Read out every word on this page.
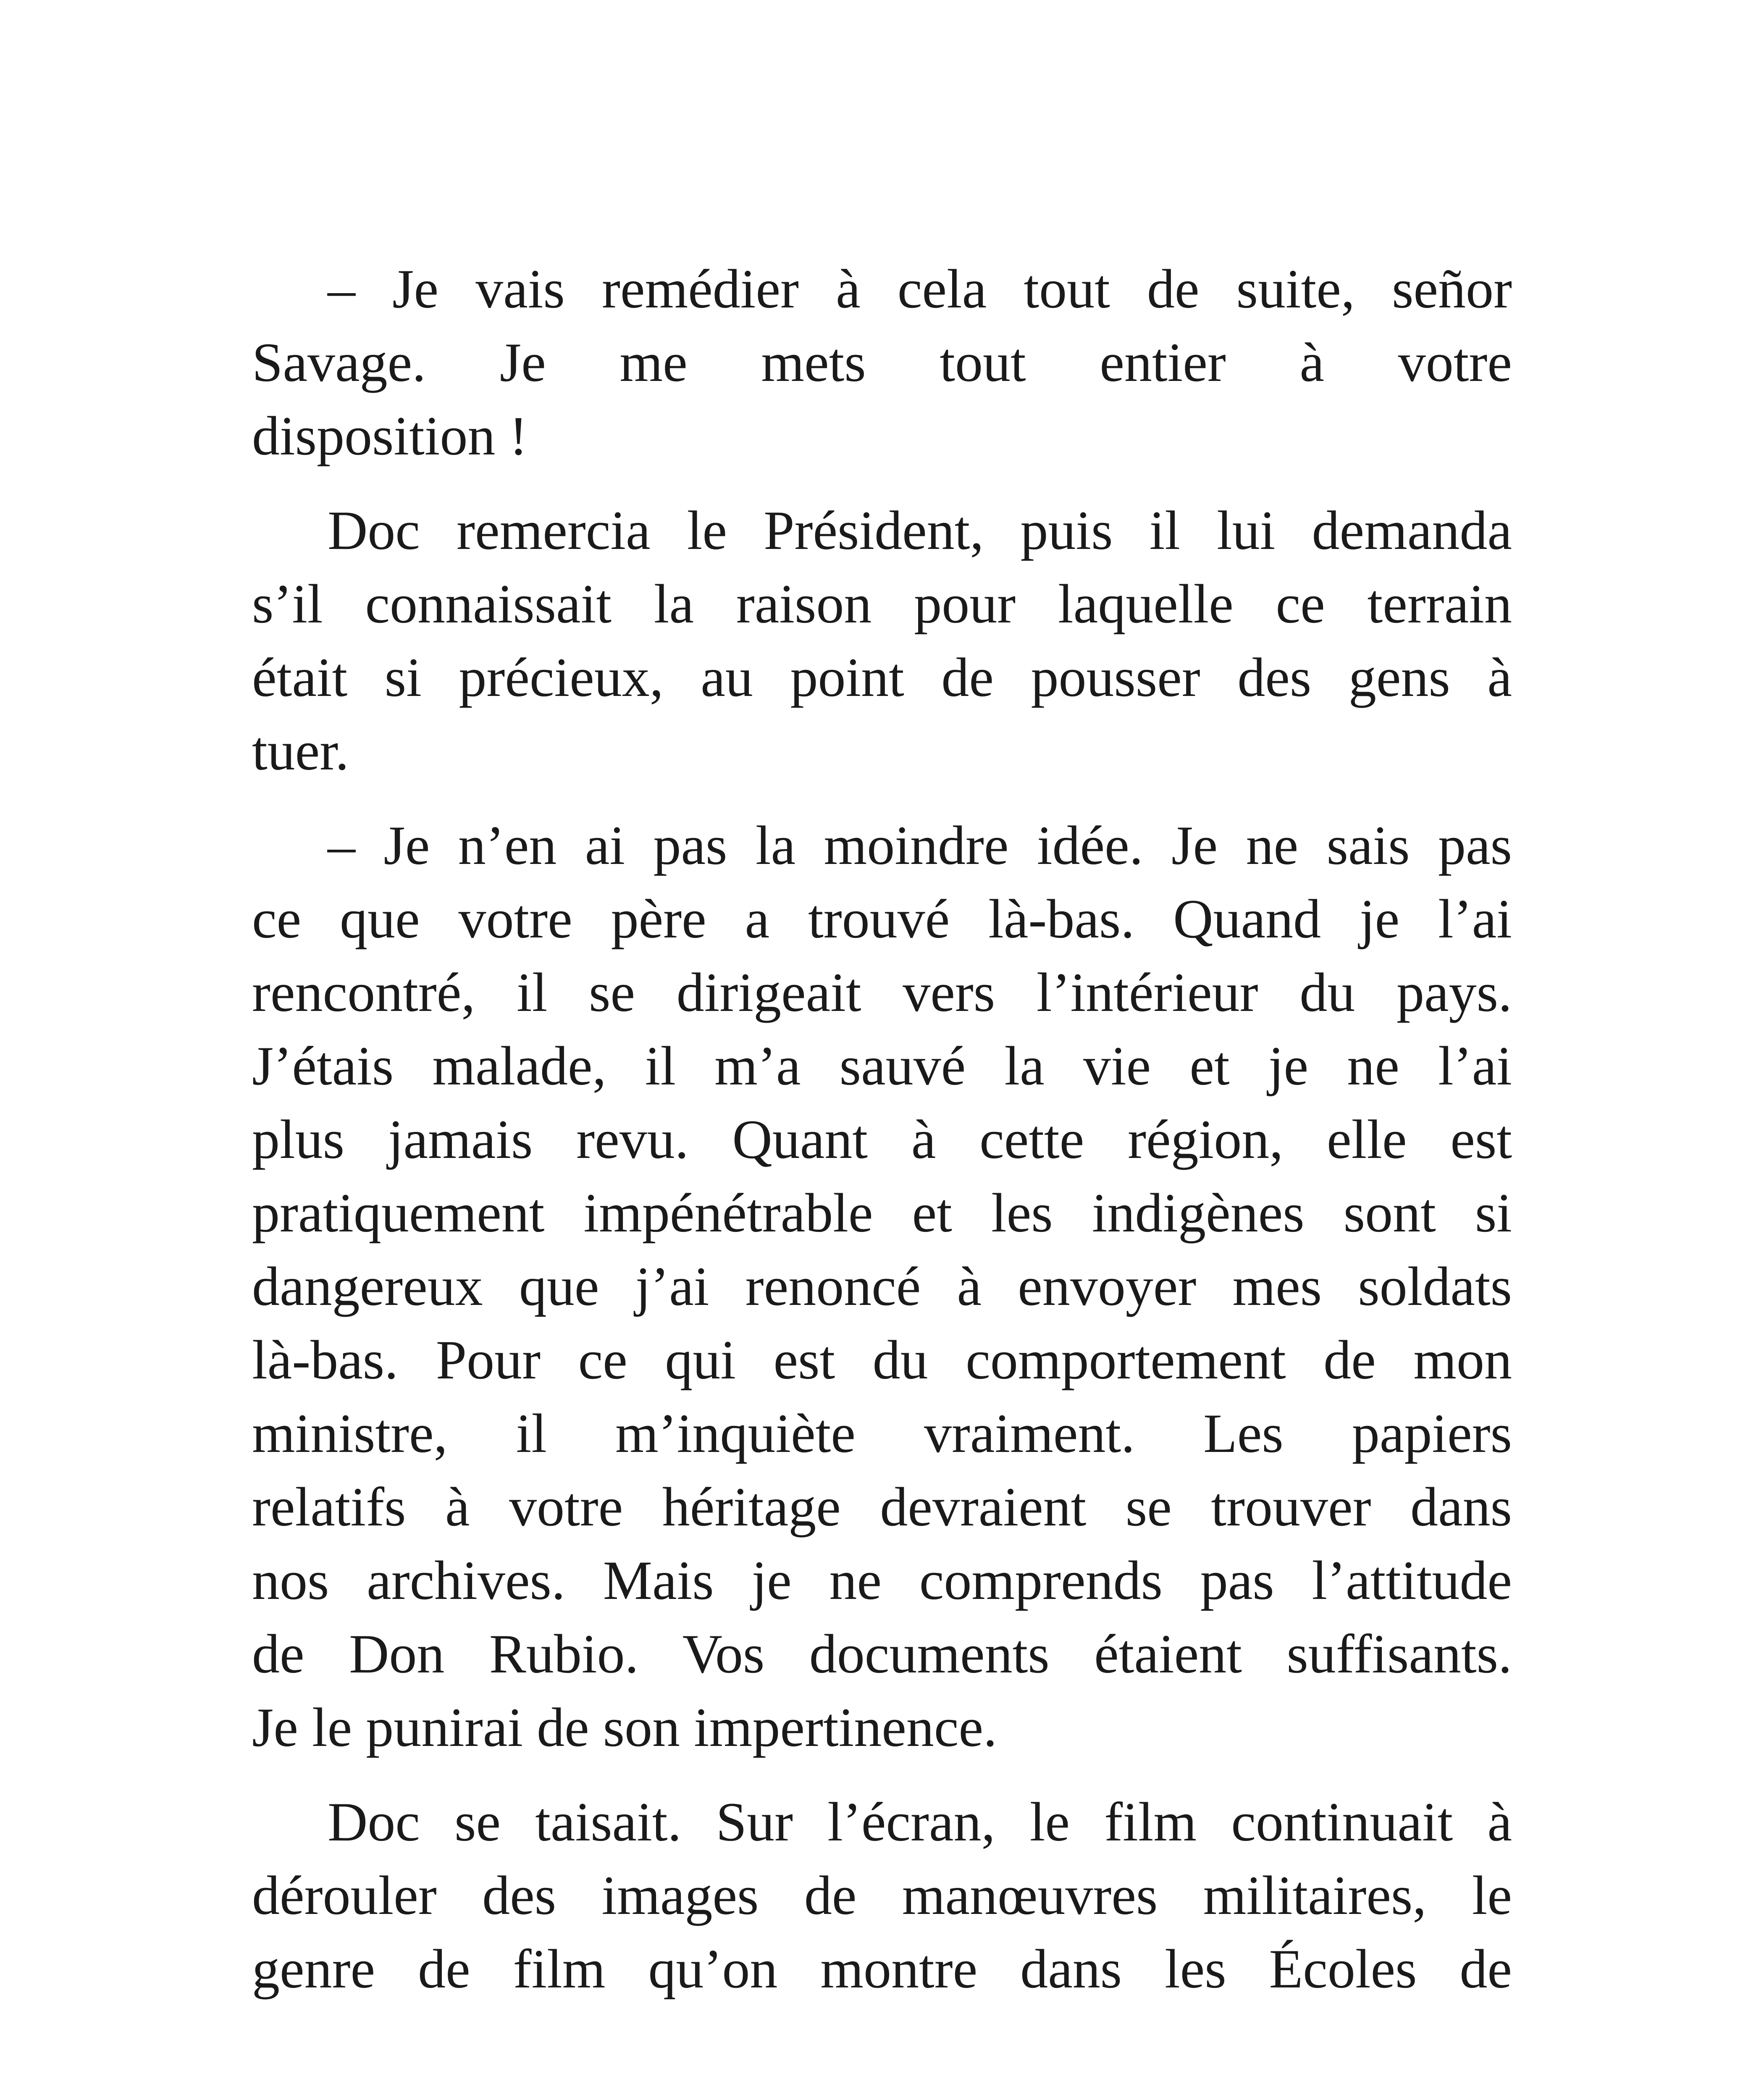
– Je vais remédier à cela tout de suite, señor
Savage. Je me mets tout entier à votre
disposition !
Doc remercia le Président, puis il lui demanda
s’il connaissait la raison pour laquelle ce terrain
était si précieux, au point de pousser des gens à
tuer.
– Je n’en ai pas la moindre idée. Je ne sais pas
ce que votre père a trouvé là-bas. Quand je l’ai
rencontré, il se dirigeait vers l’intérieur du pays.
J’étais malade, il m’a sauvé la vie et je ne l’ai
plus jamais revu. Quant à cette région, elle est
pratiquement impénétrable et les indigènes sont si
dangereux que j’ai renoncé à envoyer mes soldats
là-bas. Pour ce qui est du comportement de mon
ministre, il m’inquiète vraiment. Les papiers
relatifs à votre héritage devraient se trouver dans
nos archives. Mais je ne comprends pas l’attitude
de Don Rubio. Vos documents étaient suffisants.
Je le punirai de son impertinence.
Doc se taisait. Sur l’écran, le film continuait à
dérouler des images de manœuvres militaires, le
genre de film qu’on montre dans les Écoles de
